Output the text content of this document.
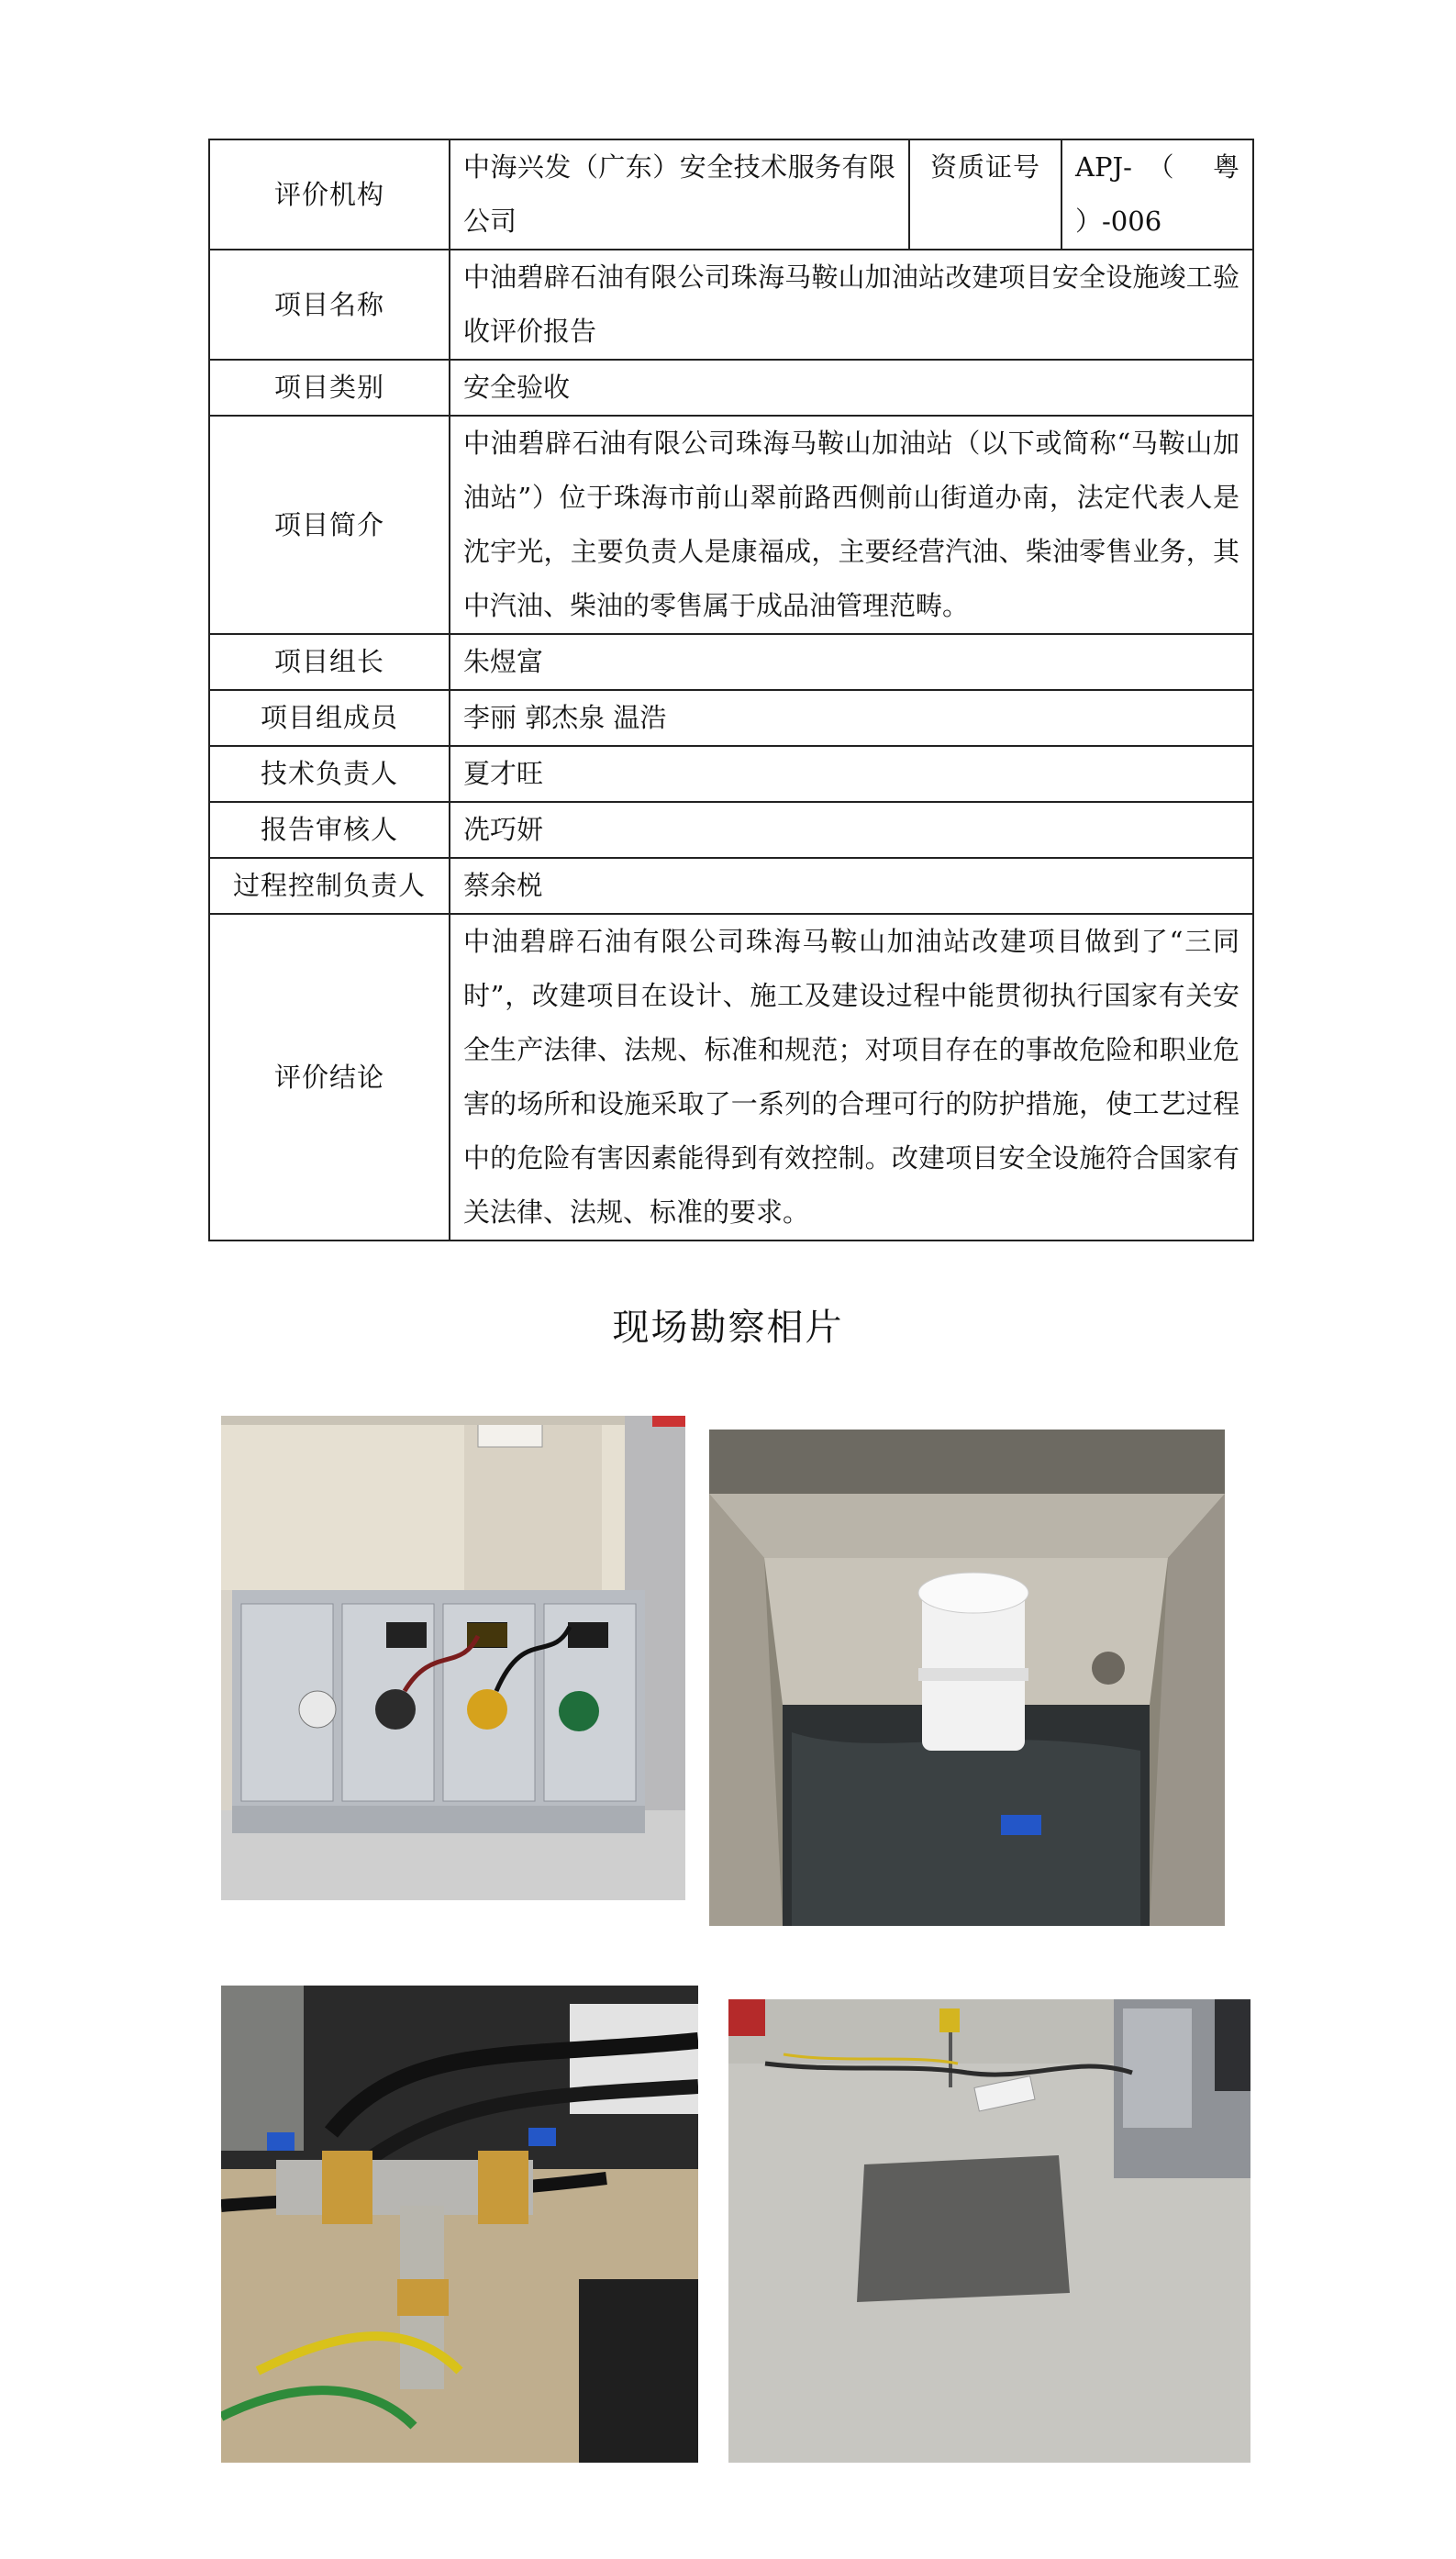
评价机构	中海兴发（广东）安全技术服务有限公司	资质证号	APJ-（ 粤 ）-006
项目名称	中油碧辟石油有限公司珠海马鞍山加油站改建项目安全设施竣工验收评价报告		
项目类别	安全验收		
项目简介	中油碧辟石油有限公司珠海马鞍山加油站（以下或简称“马鞍山加油站”）位于珠海市前山翠前路西侧前山街道办南，法定代表人是沈宇光，主要负责人是康福成，主要经营汽油、柴油零售业务，其中汽油、柴油的零售属于成品油管理范畴。		
项目组长	朱煜富		
项目组成员	李丽 郭杰泉 温浩		
技术负责人	夏才旺		
报告审核人	冼巧妍		
过程控制负责人	蔡余棁		
评价结论	中油碧辟石油有限公司珠海马鞍山加油站改建项目做到了“三同时”，改建项目在设计、施工及建设过程中能贯彻执行国家有关安全生产法律、法规、标准和规范；对项目存在的事故危险和职业危害的场所和设施采取了一系列的合理可行的防护措施，使工艺过程中的危险有害因素能得到有效控制。改建项目安全设施符合国家有关法律、法规、标准的要求。		
现场勘察相片
